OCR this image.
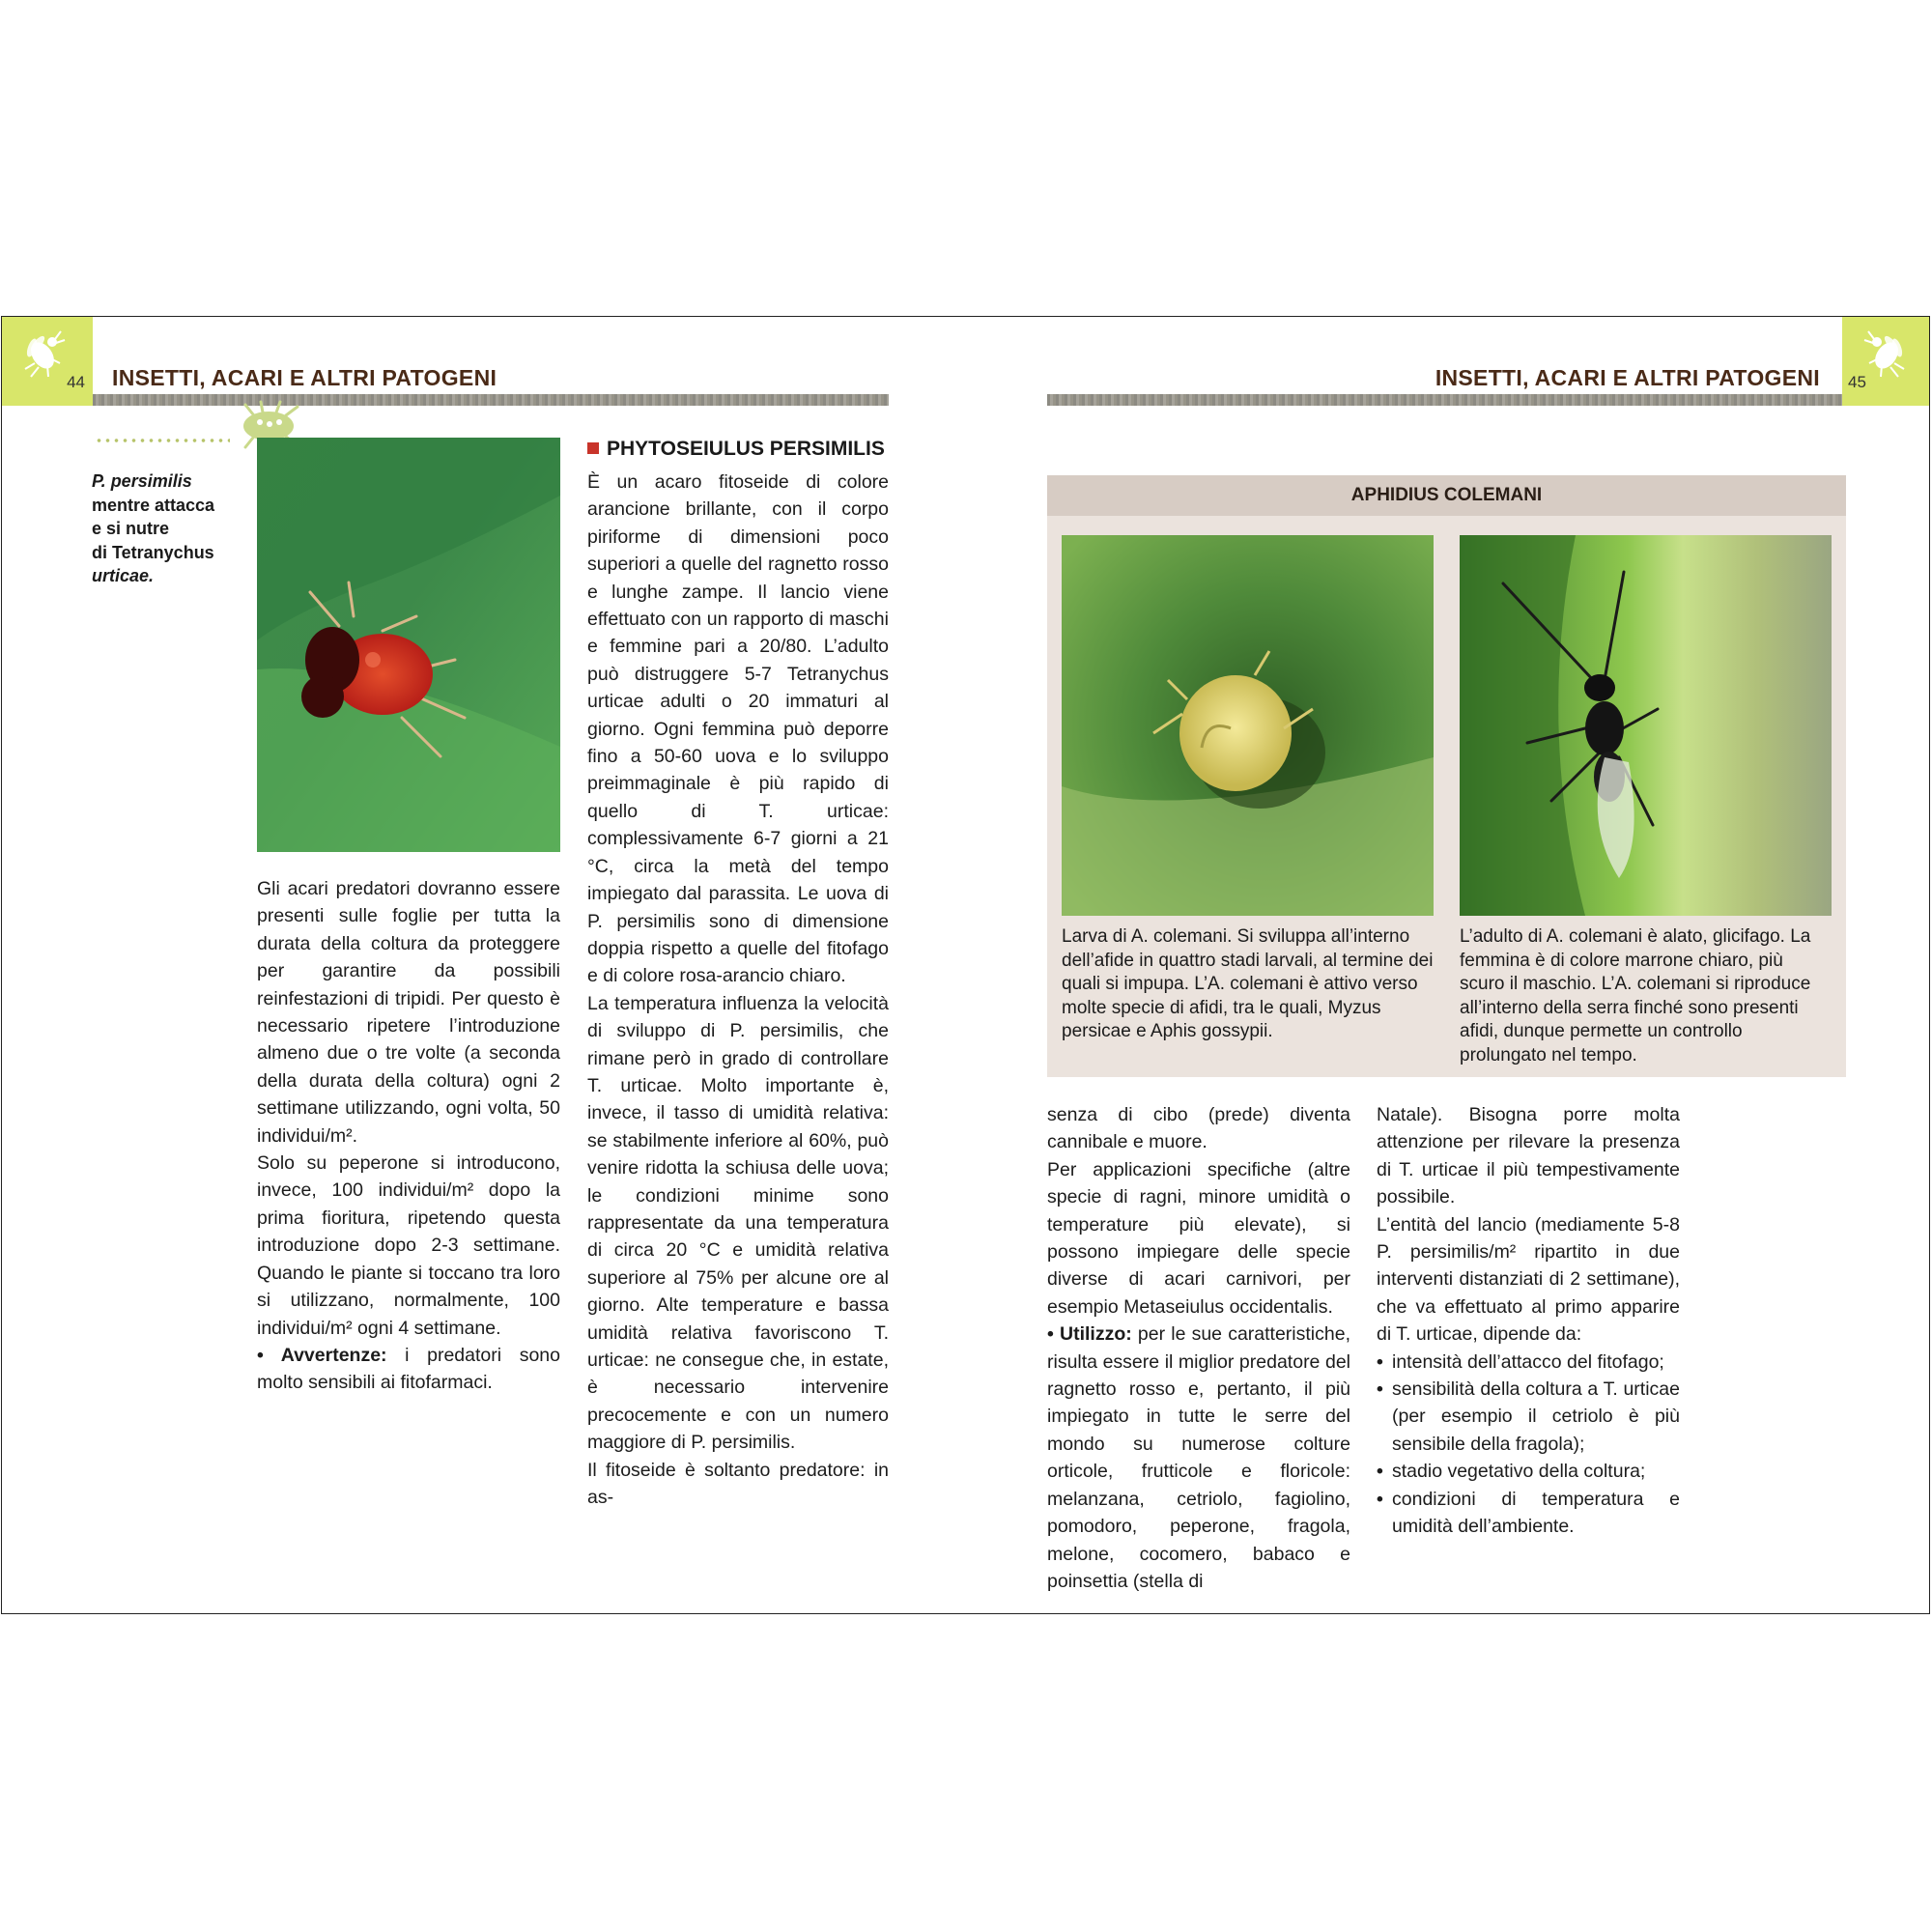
44 INSETTI, ACARI E ALTRI PATOGENI	45
INSETTI, ACARI E ALTRI PATOGENI
P. persimilis
mentre attacca
e si nutre
di Tetranychus
urticae.

Gli acari predatori dovranno essere presenti sulle foglie per tutta la durata della coltura da proteggere per garantire da possibili reinfestazioni di tripidi. Per questo è necessario ripetere l’introduzione almeno due o tre volte (a seconda della durata della coltura) ogni 2 settimane utilizzando, ogni volta, 50 individui/m².

Solo su peperone si introducono, invece, 100 individui/m² dopo la prima fioritura, ripetendo questa introduzione dopo 2-3 settimane. Quando le piante si toccano tra loro si utilizzano, normalmente, 100 individui/m² ogni 4 settimane.

• Avvertenze: i predatori sono molto sensibili ai fitofarmaci.

PHYTOSEIULUS PERSIMILIS

È un acaro fitoseide di colore arancione brillante, con il corpo piriforme di dimensioni poco superiori a quelle del ragnetto rosso e lunghe zampe. Il lancio viene effettuato con un rapporto di maschi e femmine pari a 20/80. L’adulto può distruggere 5-7 Tetranychus urticae adulti o 20 immaturi al giorno. Ogni femmina può deporre fino a 50-60 uova e lo sviluppo preimmaginale è più rapido di quello di T. urticae: complessivamente 6-7 giorni a 21 °C, circa la metà del tempo impiegato dal parassita. Le uova di P. persimilis sono di dimensione doppia rispetto a quelle del fitofago e di colore rosa-arancio chiaro.

La temperatura influenza la velocità di sviluppo di P. persimilis, che rimane però in grado di controllare T. urticae. Molto importante è, invece, il tasso di umidità relativa: se stabilmente inferiore al 60%, può venire ridotta la schiusa delle uova; le condizioni minime sono rappresentate da una temperatura di circa 20 °C e umidità relativa superiore al 75% per alcune ore al giorno. Alte temperature e bassa umidità relativa favoriscono T. urticae: ne consegue che, in estate, è necessario intervenire precocemente e con un numero maggiore di P. persimilis.

Il fitoseide è soltanto predatore: in as-

APHIDIUS COLEMANI
Larva di A. colemani. Si sviluppa all’interno dell’afide in quattro stadi larvali, al termine dei quali si impupa. L’A. colemani è attivo verso molte specie di afidi, tra le quali, Myzus persicae e Aphis gossypii.
L’adulto di A. colemani è alato, glicifago. La femmina è di colore marrone chiaro, più scuro il maschio. L’A. colemani si riproduce all’interno della serra finché sono presenti afidi, dunque permette un controllo prolungato nel tempo.

senza di cibo (prede) diventa cannibale e muore.

Per applicazioni specifiche (altre specie di ragni, minore umidità o temperature più elevate), si possono impiegare delle specie diverse di acari carnivori, per esempio Metaseiulus occidentalis.

• Utilizzo: per le sue caratteristiche, risulta essere il miglior predatore del ragnetto rosso e, pertanto, il più impiegato in tutte le serre del mondo su numerose colture orticole, frutticole e floricole: melanzana, cetriolo, fagiolino, pomodoro, peperone, fragola, melone, cocomero, babaco e poinsettia (stella di

Natale). Bisogna porre molta attenzione per rilevare la presenza di T. urticae il più tempestivamente possibile.

L’entità del lancio (mediamente 5-8 P. persimilis/m² ripartito in due interventi distanziati di 2 settimane), che va effettuato al primo apparire di T. urticae, dipende da:

• intensità dell’attacco del fitofago;
• sensibilità della coltura a T. urticae (per esempio il cetriolo è più sensibile della fragola);
• stadio vegetativo della coltura;
• condizioni di temperatura e umidità dell’ambiente.
